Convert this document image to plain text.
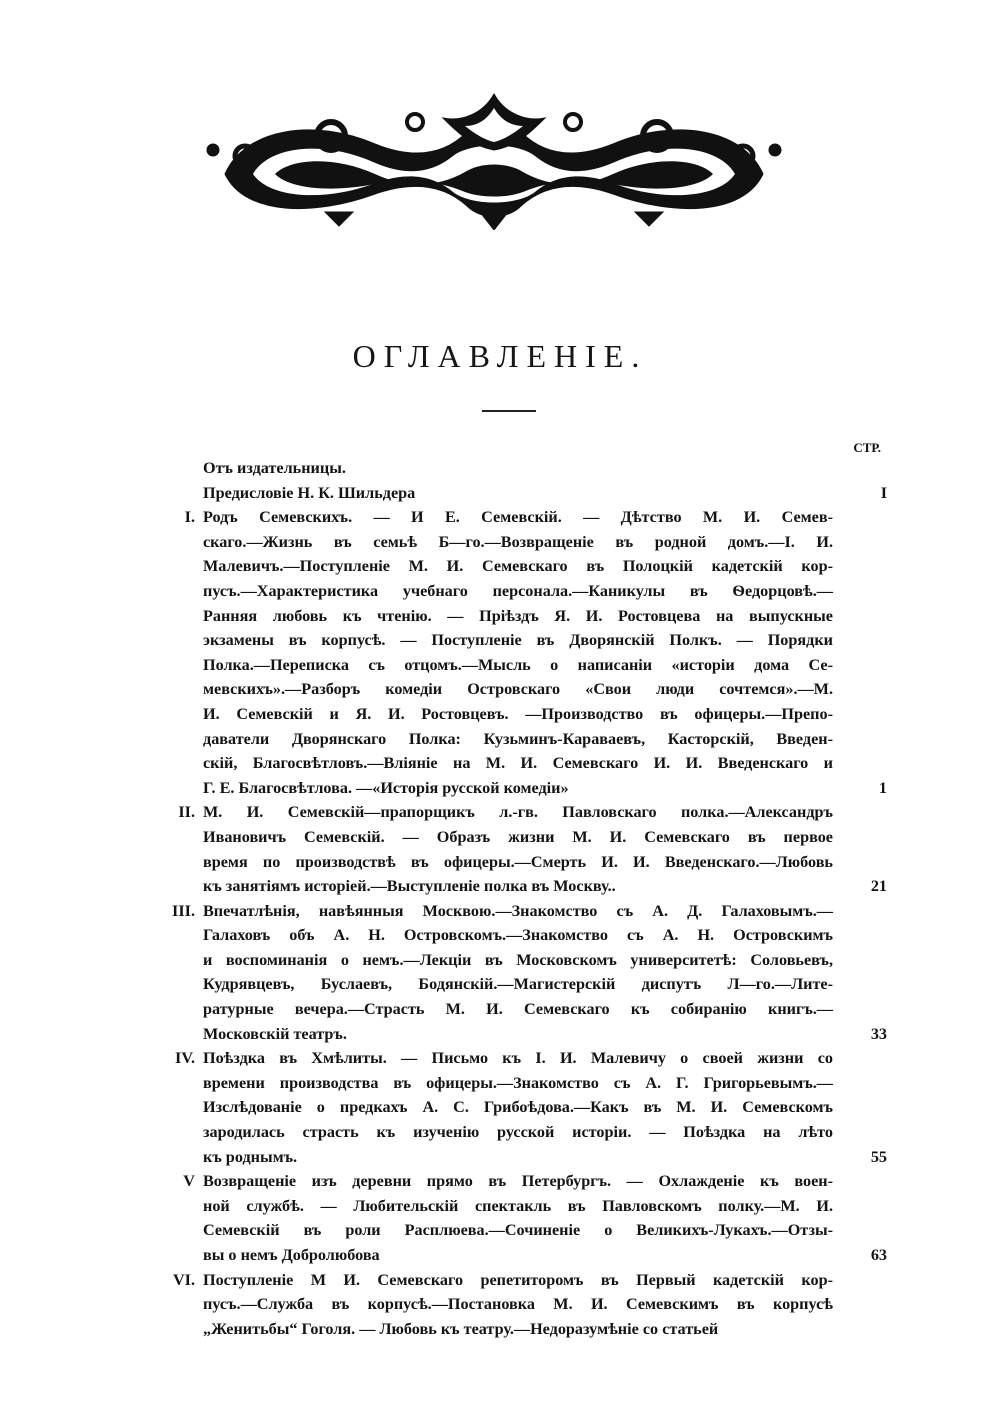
ОГЛАВЛЕНІЕ.
СТР.
Отъ издательницы.
Предисловіе Н. К. Шильдера	I
I. Родъ Семевскихъ. — И Е. Семевскій. — Дѣтство М. И. Семев-
скаго.—Жизнь въ семьѣ Б—го.—Возвращеніе въ родной домъ.—I. И.
Малевичъ.—Поступленіе М. И. Семевскаго въ Полоцкій кадетскій кор-
пусъ.—Характеристика учебнаго персонала.—Каникулы въ Ѳедорцовѣ.—
Ранняя любовь къ чтенію. — Пріѣздъ Я. И. Ростовцева на выпускные
экзамены въ корпусѣ. — Поступленіе въ Дворянскій Полкъ. — Порядки
Полка.—Переписка съ отцомъ.—Мысль о написаніи «исторіи дома Се-
мевскихъ».—Разборъ комедіи Островскаго «Свои люди сочтемся».—М.
И. Семевскій и Я. И. Ростовцевъ. —Производство въ офицеры.—Препо-
даватели Дворянскаго Полка: Кузьминъ-Караваевъ, Касторскій, Введен-
скій, Благосвѣтловъ.—Вліяніе на М. И. Семевскаго И. И. Введенскаго и
Г. Е. Благосвѣтлова. —«Исторія русской комедіи»	1
II. М. И. Семевскій—прапорщикъ л.-гв. Павловскаго полка.—Александръ
Ивановичъ Семевскій. — Образъ жизни М. И. Семевскаго въ первое
время по производствѣ въ офицеры.—Смерть И. И. Введенскаго.—Любовь
къ занятіямъ исторіей.—Выступленіе полка въ Москву..	21
III. Впечатлѣнія, навѣянныя Москвою.—Знакомство съ А. Д. Галаховымъ.—
Галаховъ объ А. Н. Островскомъ.—Знакомство съ А. Н. Островскимъ
и воспоминанія о немъ.—Лекціи въ Московскомъ университетѣ: Соловьевъ,
Кудрявцевъ, Буслаевъ, Бодянскій.—Магистерскій диспутъ Л—го.—Лите-
ратурные вечера.—Страсть М. И. Семевскаго къ собиранію книгъ.—
Московскій театръ.	33
IV. Поѣздка въ Хмѣлиты. — Письмо къ I. И. Малевичу о своей жизни со
времени производства въ офицеры.—Знакомство съ А. Г. Григорьевымъ.—
Изслѣдованіе о предкахъ А. С. Грибоѣдова.—Какъ въ М. И. Семевскомъ
зародилась страсть къ изученію русской исторіи. — Поѣздка на лѣто
къ роднымъ.	55
V Возвращеніе изъ деревни прямо въ Петербургъ. — Охлажденіе къ воен-
ной службѣ. — Любительскій спектакль въ Павловскомъ полку.—М. И.
Семевскій въ роли Расплюева.—Сочиненіе о Великихъ-Лукахъ.—Отзы-
вы о немъ Добролюбова	63
VI. Поступленіе М И. Семевскаго репетиторомъ въ Первый кадетскій кор-
пусъ.—Служба въ корпусѣ.—Постановка М. И. Семевскимъ въ корпусѣ
„Женитьбы“ Гоголя. — Любовь къ театру.—Недоразумѣніе со статьей
